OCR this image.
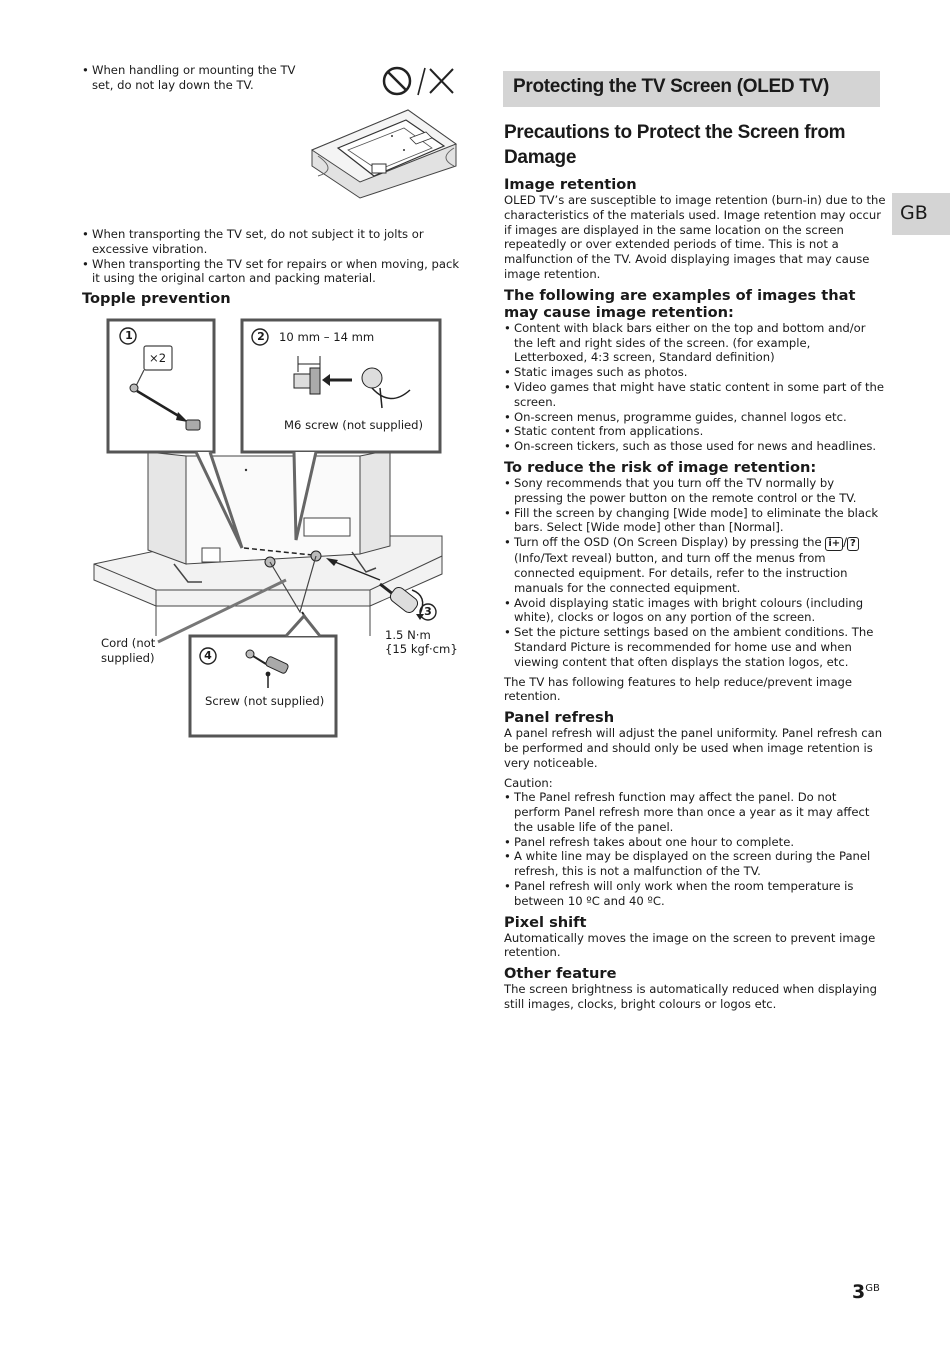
• When handling or mounting the TV set, do not lay down the TV.
• When transporting the TV set, do not subject it to jolts or excessive vibration.
• When transporting the TV set for repairs or when moving, pack it using the original carton and packing material.
Topple prevention
1
×2
2 10 mm – 14 mm
M6 screw (not supplied)
3
1.5 N·m
{15 kgf·cm}
4
Cord (not
supplied)
Screw (not supplied)
Protecting the TV Screen (OLED TV)
Precautions to Protect the Screen from
Damage
Image retention

OLED TV’s are susceptible to image retention (burn-in) due to the characteristics of the materials used. Image retention may occur if images are displayed in the same location on the screen repeatedly or over extended periods of time. This is not a malfunction of the TV. Avoid displaying images that may cause image retention.

The following are examples of images that may cause image retention:
• Content with black bars either on the top and bottom and/or the left and right sides of the screen. (for example, Letterboxed, 4:3 screen, Standard definition)
• Static images such as photos.
• Video games that might have static content in some part of the screen.
• On-screen menus, programme guides, channel logos etc.
• Static content from applications.
• On-screen tickers, such as those used for news and headlines.
To reduce the risk of image retention:
• Sony recommends that you turn off the TV normally by pressing the power button on the remote control or the TV.
• Fill the screen by changing [Wide mode] to eliminate the black bars. Select [Wide mode] other than [Normal].
• Turn off the OSD (On Screen Display) by pressing the i+ / ? (Info/Text reveal) button, and turn off the menus from connected equipment. For details, refer to the instruction manuals for the connected equipment.
• Avoid displaying static images with bright colours (including white), clocks or logos on any portion of the screen.
• Set the picture settings based on the ambient conditions. The Standard Picture is recommended for home use and when viewing content that often displays the station logos, etc.

The TV has following features to help reduce/prevent image retention.

Panel refresh

A panel refresh will adjust the panel uniformity. Panel refresh can be performed and should only be used when image retention is very noticeable.

Caution:

• The Panel refresh function may affect the panel. Do not perform Panel refresh more than once a year as it may affect the usable life of the panel.
• Panel refresh takes about one hour to complete.
• A white line may be displayed on the screen during the Panel refresh, this is not a malfunction of the TV.
• Panel refresh will only work when the room temperature is between 10 ºC and 40 ºC.
Pixel shift

Automatically moves the image on the screen to prevent image retention.

Other feature

The screen brightness is automatically reduced when displaying still images, clocks, bright colours or logos etc.

GB
$3^{GB}$
